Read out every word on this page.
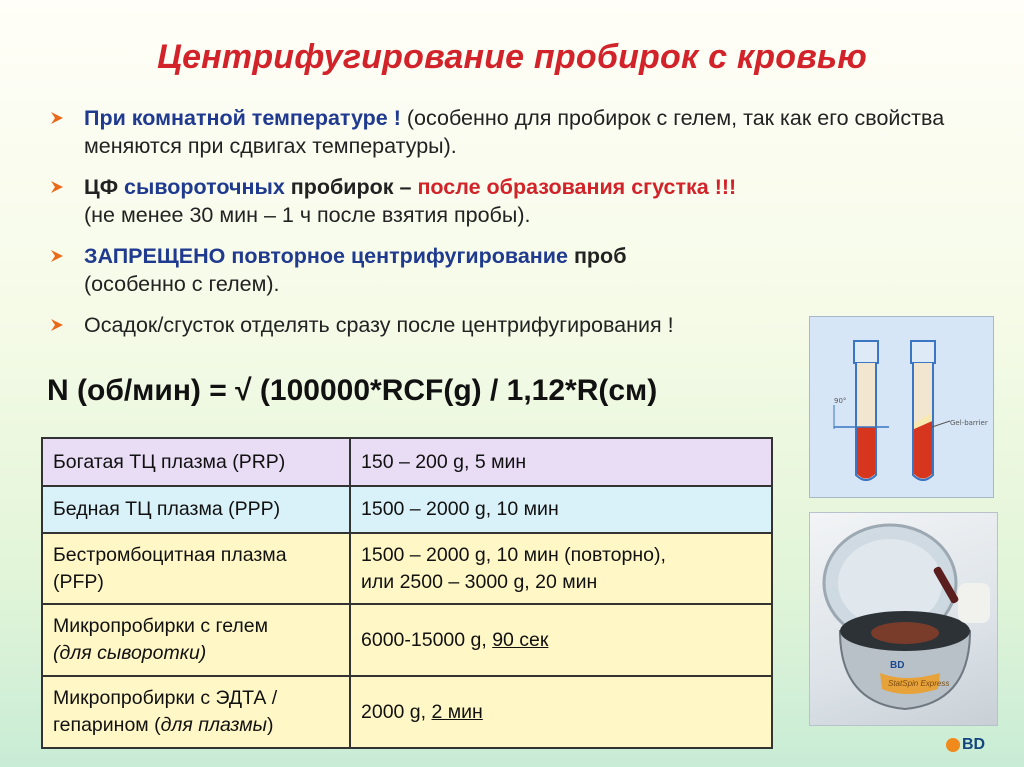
Центрифугирование пробирок с кровью
При комнатной температуре ! (особенно для пробирок с гелем, так как его свойства меняются при сдвигах температуры).
ЦФ сывороточных пробирок – после образования сгустка !!!
(не менее 30 мин – 1 ч после взятия пробы).
ЗАПРЕЩЕНО повторное центрифугирование проб
(особенно с гелем).
Осадок/сгусток отделять сразу после центрифугирования !
N (об/мин) = √ (100000*RCF(g) / 1,12*R(см)
Богатая ТЦ плазма (PRP)	150 – 200 g, 5 мин
Бедная ТЦ плазма (PPP)	1500 – 2000 g, 10 мин
Бестромбоцитная плазма (PFP)	1500 – 2000 g, 10 мин (повторно),
или 2500 – 3000 g, 20 мин
Микропробирки с гелем
(для сыворотки)	6000-15000 g, 90 сек
Микропробирки с ЭДТА / гепарином (для плазмы)	2000 g, 2 мин
90°
Gel-barrier
BD
StatSpin Express
BD
